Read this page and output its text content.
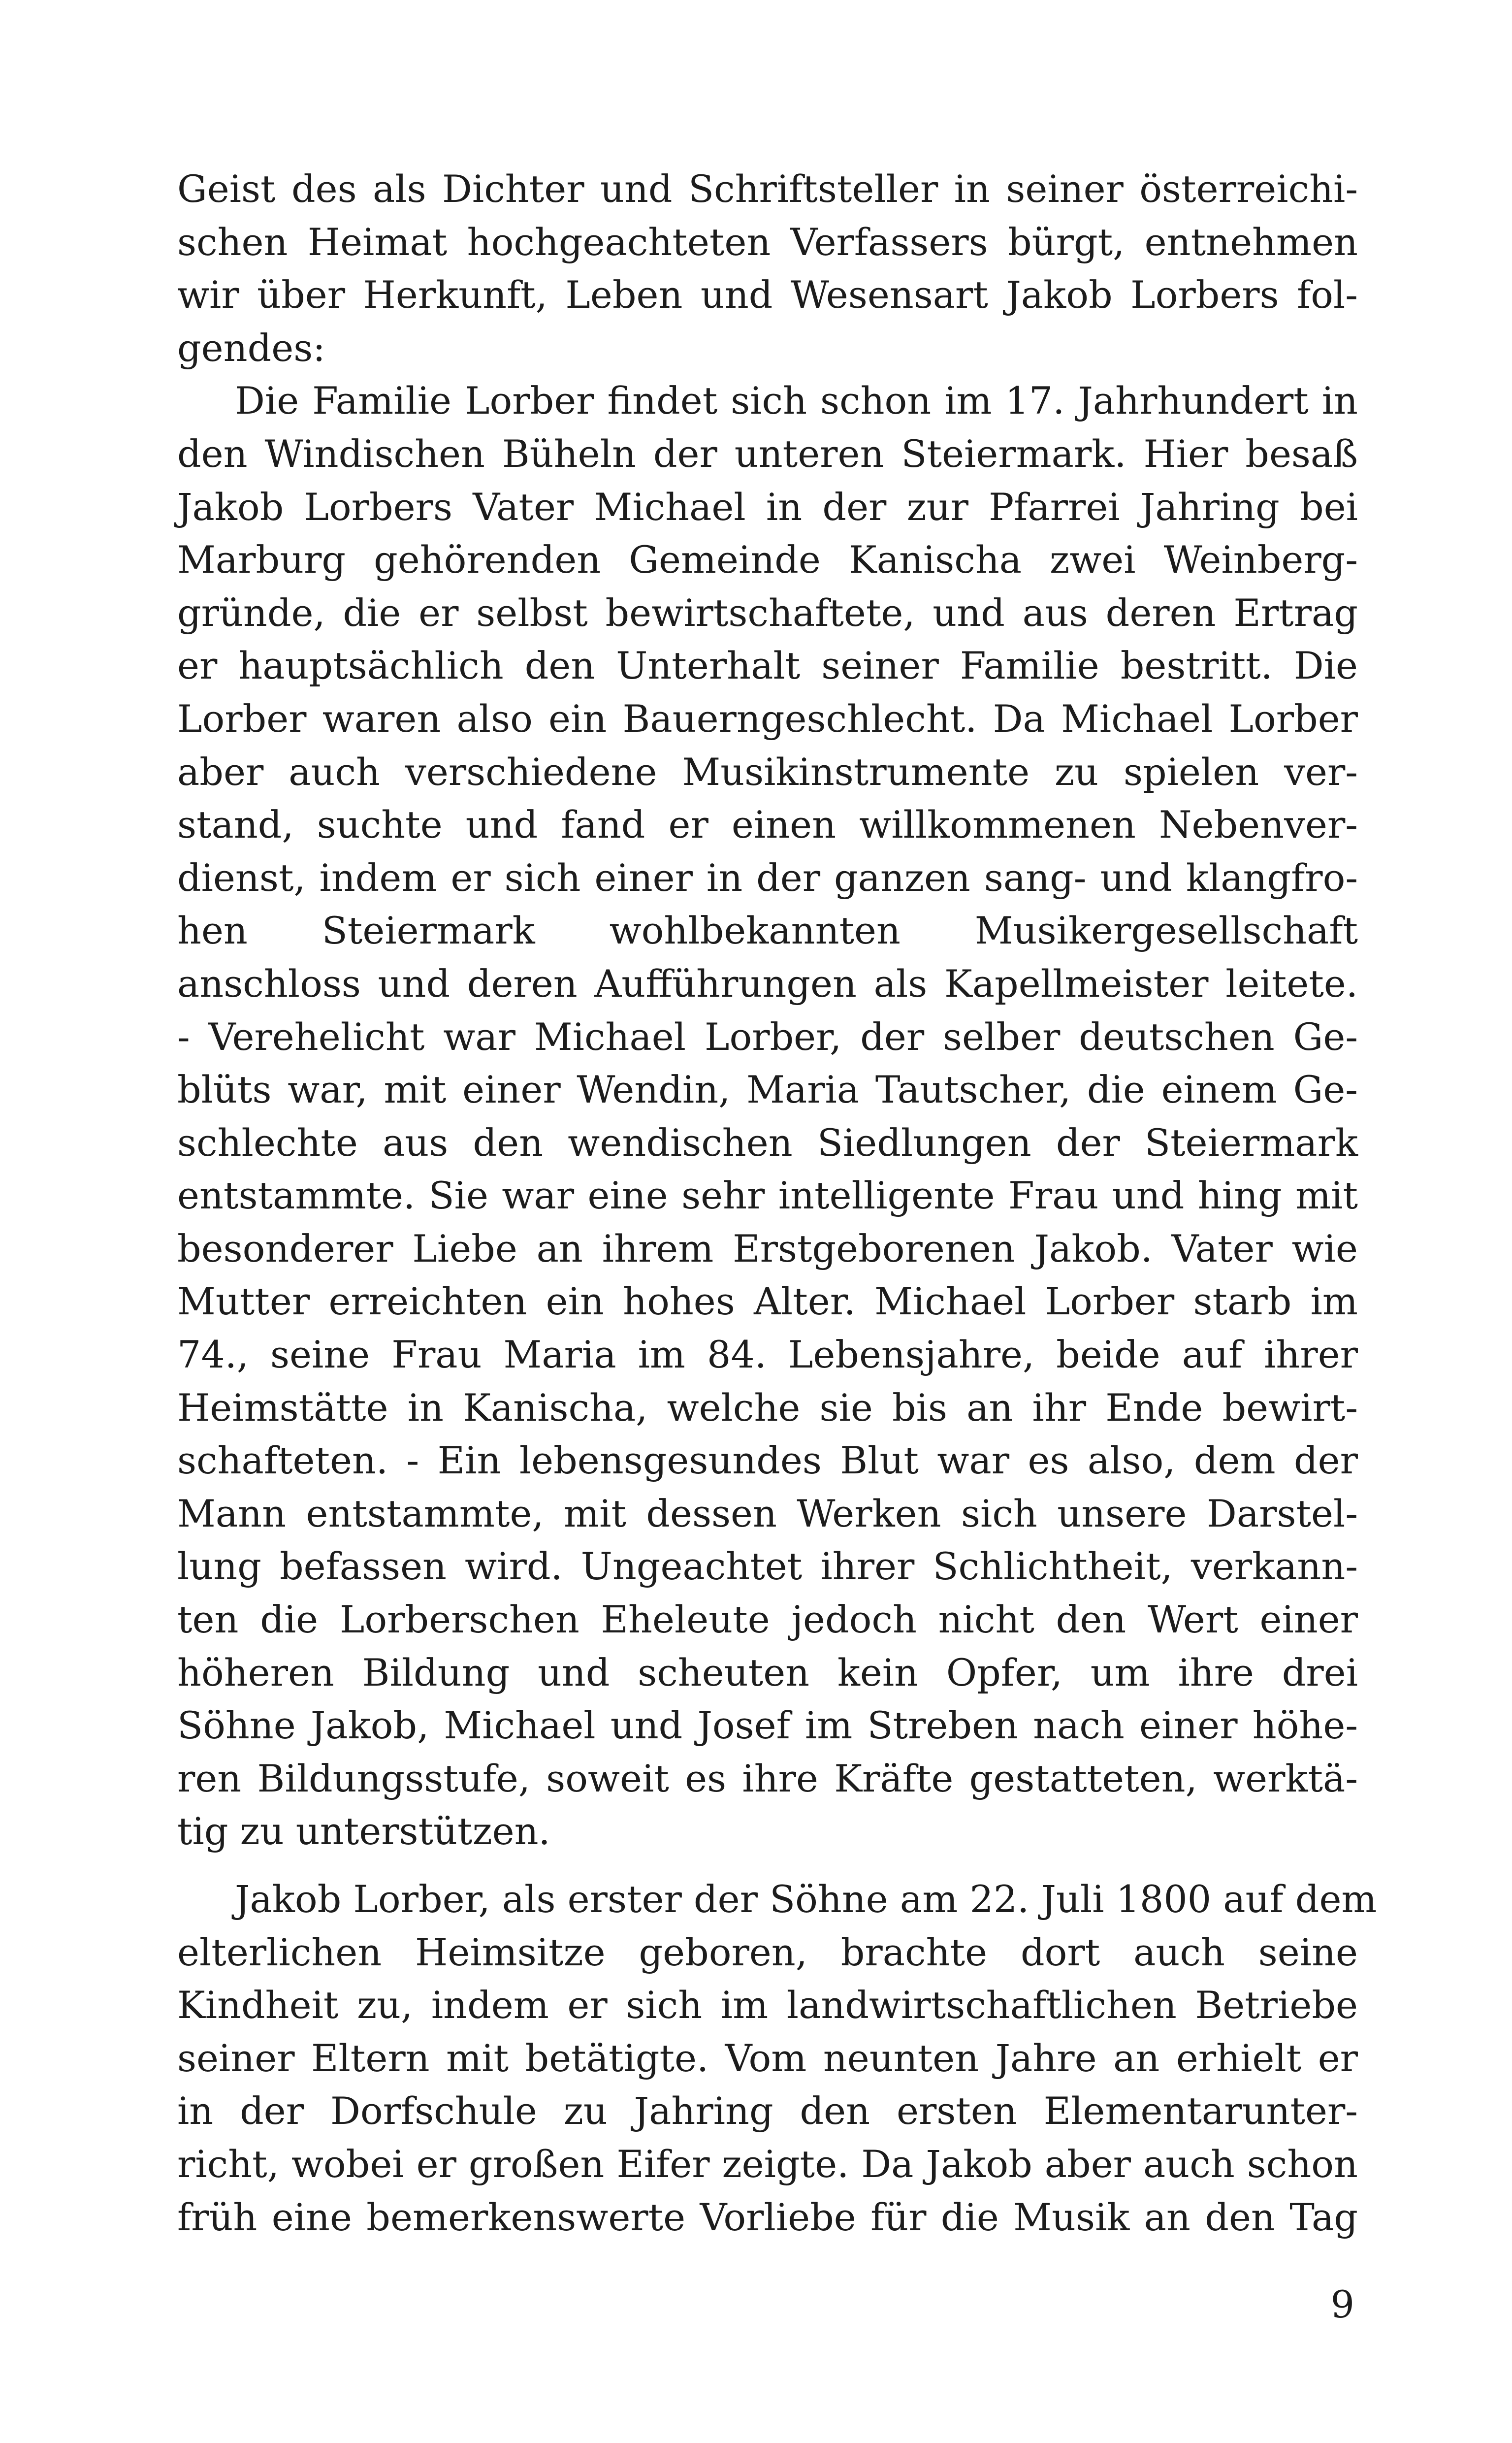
Geist des als Dichter und Schriftsteller in seiner österreichi-
schen Heimat hochgeachteten Verfassers bürgt, entnehmen
wir über Herkunft, Leben und Wesensart Jakob Lorbers fol-
gendes:

Die Familie Lorber findet sich schon im 17. Jahrhundert in
den Windischen Büheln der unteren Steiermark. Hier besaß
Jakob Lorbers Vater Michael in der zur Pfarrei Jahring bei
Marburg gehörenden Gemeinde Kanischa zwei Weinberg-
gründe, die er selbst bewirtschaftete, und aus deren Ertrag
er hauptsächlich den Unterhalt seiner Familie bestritt. Die
Lorber waren also ein Bauerngeschlecht. Da Michael Lorber
aber auch verschiedene Musikinstrumente zu spielen ver-
stand, suchte und fand er einen willkommenen Nebenver-
dienst, indem er sich einer in der ganzen sang- und klangfro-
hen Steiermark wohlbekannten Musikergesellschaft
anschloss und deren Aufführungen als Kapellmeister leitete.
- Verehelicht war Michael Lorber, der selber deutschen Ge-
blüts war, mit einer Wendin, Maria Tautscher, die einem Ge-
schlechte aus den wendischen Siedlungen der Steiermark
entstammte. Sie war eine sehr intelligente Frau und hing mit
besonderer Liebe an ihrem Erstgeborenen Jakob. Vater wie
Mutter erreichten ein hohes Alter. Michael Lorber starb im
74., seine Frau Maria im 84. Lebensjahre, beide auf ihrer
Heimstätte in Kanischa, welche sie bis an ihr Ende bewirt-
schafteten. - Ein lebensgesundes Blut war es also, dem der
Mann entstammte, mit dessen Werken sich unsere Darstel-
lung befassen wird. Ungeachtet ihrer Schlichtheit, verkann-
ten die Lorberschen Eheleute jedoch nicht den Wert einer
höheren Bildung und scheuten kein Opfer, um ihre drei
Söhne Jakob, Michael und Josef im Streben nach einer höhe-
ren Bildungsstufe, soweit es ihre Kräfte gestatteten, werktä-
tig zu unterstützen.

Jakob Lorber, als erster der Söhne am 22. Juli 1800 auf dem
elterlichen Heimsitze geboren, brachte dort auch seine
Kindheit zu, indem er sich im landwirtschaftlichen Betriebe
seiner Eltern mit betätigte. Vom neunten Jahre an erhielt er
in der Dorfschule zu Jahring den ersten Elementarunter-
richt, wobei er großen Eifer zeigte. Da Jakob aber auch schon
früh eine bemerkenswerte Vorliebe für die Musik an den Tag

9
